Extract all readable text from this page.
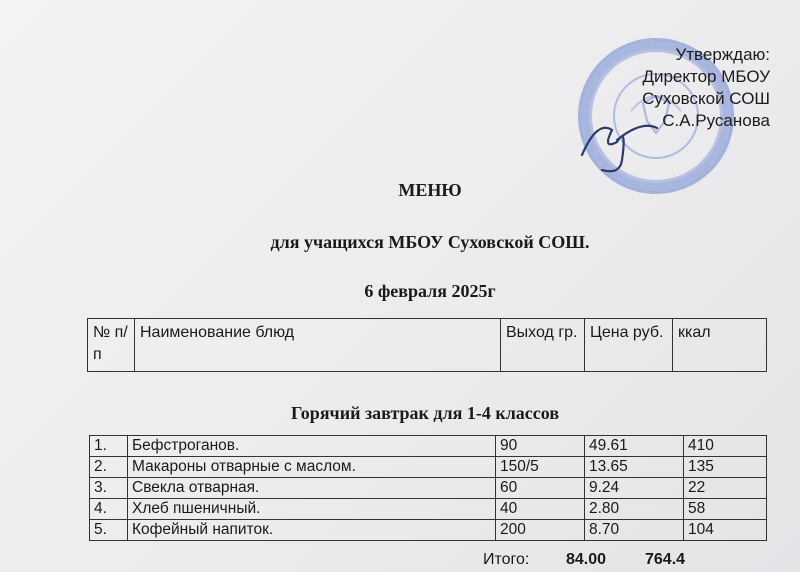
Утверждаю:
Директор МБОУ
Суховской СОШ
С.А.Русанова
МЕНЮ
для учащихся МБОУ Суховской СОШ.
6 февраля 2025г
№ п/п	Наименование блюд	Выход гр.	Цена руб.	ккал
Горячий завтрак для 1-4 классов
1.	Бефстроганов.	90	49.61	410
2.	Макароны отварные с маслом.	150/5	13.65	135
3.	Свекла отварная.	60	9.24	22
4.	Хлеб пшеничный.	40	2.80	58
5.	Кофейный напиток.	200	8.70	104
Итого: 84.00 764.4
